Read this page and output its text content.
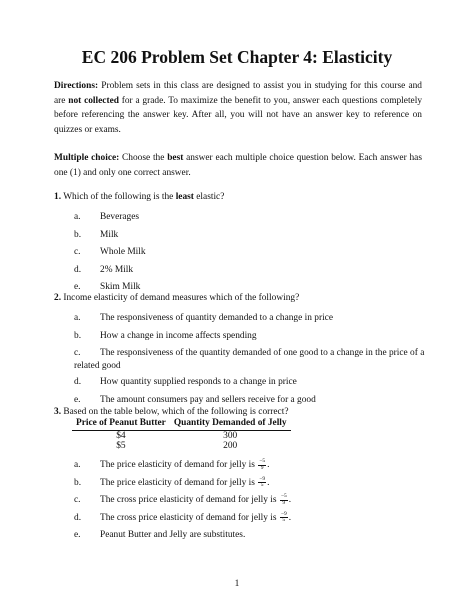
EC 206 Problem Set Chapter 4: Elasticity

Directions: Problem sets in this class are designed to assist you in studying for this course and are not collected for a grade. To maximize the benefit to you, answer each questions completely before referencing the answer key. After all, you will not have an answer key to reference on quizzes or exams.

Multiple choice: Choose the best answer each multiple choice question below. Each answer has one (1) and only one correct answer.

1. Which of the following is the least elastic?

a. Beverages
b. Milk
c. Whole Milk
d. 2% Milk
e. Skim Milk

2. Income elasticity of demand measures which of the following?

a. The responsiveness of quantity demanded to a change in price
b. How a change in income affects spending
c.	The responsiveness of the quantity demanded of one good to a change in the price of a related good
d. How quantity supplied responds to a change in price
e. The amount consumers pay and sellers receive for a good

3. Based on the table below, which of the following is correct?

Price of Peanut Butter	Quantity Demanded of Jelly
$4	300
$5	200
a. The price elasticity of demand for jelly is $\frac{-5}{9}$ .
b. The price elasticity of demand for jelly is $\frac{-9}{5}$ .
c. The cross price elasticity of demand for jelly is $\frac{-5}{9}$ .
d. The cross price elasticity of demand for jelly is $\frac{-9}{5}$ .
e. Peanut Butter and Jelly are substitutes.
1
